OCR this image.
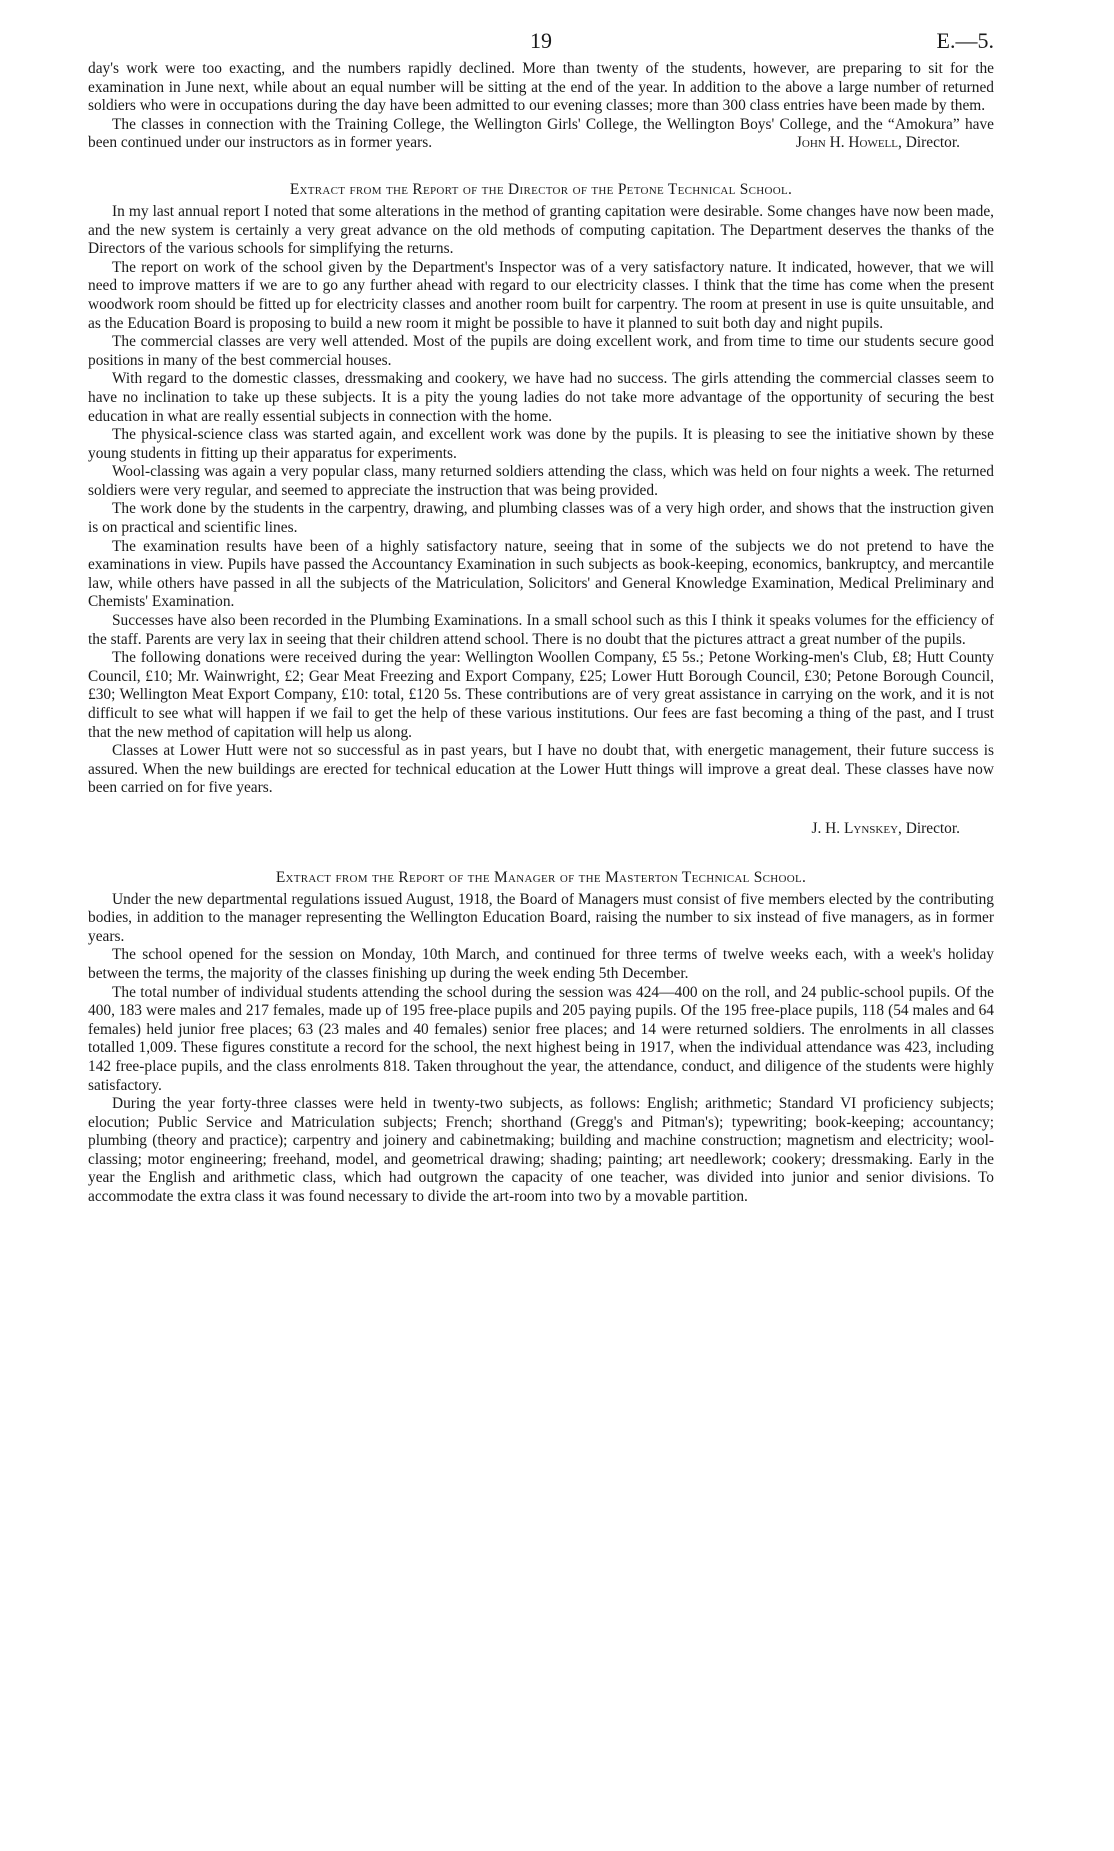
19	E.—5.

day's work were too exacting, and the numbers rapidly declined. More than twenty of the students, however, are preparing to sit for the examination in June next, while about an equal number will be sitting at the end of the year. In addition to the above a large number of returned soldiers who were in occupations during the day have been admitted to our evening classes; more than 300 class entries have been made by them.

The classes in connection with the Training College, the Wellington Girls' College, the Wellington Boys' College, and the “Amokura” have been continued under our instructors as in former years.	John H. Howell, Director.
Extract from the Report of the Director of the Petone Technical School.

In my last annual report I noted that some alterations in the method of granting capitation were desirable. Some changes have now been made, and the new system is certainly a very great advance on the old methods of computing capitation. The Department deserves the thanks of the Directors of the various schools for simplifying the returns.

The report on work of the school given by the Department's Inspector was of a very satisfactory nature. It indicated, however, that we will need to improve matters if we are to go any further ahead with regard to our electricity classes. I think that the time has come when the present woodwork room should be fitted up for electricity classes and another room built for carpentry. The room at present in use is quite unsuitable, and as the Education Board is proposing to build a new room it might be possible to have it planned to suit both day and night pupils.

The commercial classes are very well attended. Most of the pupils are doing excellent work, and from time to time our students secure good positions in many of the best commercial houses.

With regard to the domestic classes, dressmaking and cookery, we have had no success. The girls attending the commercial classes seem to have no inclination to take up these subjects. It is a pity the young ladies do not take more advantage of the opportunity of securing the best education in what are really essential subjects in connection with the home.

The physical-science class was started again, and excellent work was done by the pupils. It is pleasing to see the initiative shown by these young students in fitting up their apparatus for experiments.

Wool-classing was again a very popular class, many returned soldiers attending the class, which was held on four nights a week. The returned soldiers were very regular, and seemed to appreciate the instruction that was being provided.

The work done by the students in the carpentry, drawing, and plumbing classes was of a very high order, and shows that the instruction given is on practical and scientific lines.

The examination results have been of a highly satisfactory nature, seeing that in some of the subjects we do not pretend to have the examinations in view. Pupils have passed the Accountancy Examination in such subjects as book-keeping, economics, bankruptcy, and mercantile law, while others have passed in all the subjects of the Matriculation, Solicitors' and General Knowledge Examination, Medical Preliminary and Chemists' Examination.

Successes have also been recorded in the Plumbing Examinations. In a small school such as this I think it speaks volumes for the efficiency of the staff. Parents are very lax in seeing that their children attend school. There is no doubt that the pictures attract a great number of the pupils.

The following donations were received during the year: Wellington Woollen Company, £5 5s.; Petone Working-men's Club, £8; Hutt County Council, £10; Mr. Wainwright, £2; Gear Meat Freezing and Export Company, £25; Lower Hutt Borough Council, £30; Petone Borough Council, £30; Wellington Meat Export Company, £10: total, £120 5s. These contributions are of very great assistance in carrying on the work, and it is not difficult to see what will happen if we fail to get the help of these various institutions. Our fees are fast becoming a thing of the past, and I trust that the new method of capitation will help us along.

Classes at Lower Hutt were not so successful as in past years, but I have no doubt that, with energetic management, their future success is assured. When the new buildings are erected for technical education at the Lower Hutt things will improve a great deal. These classes have now been carried on for five years.

J. H. Lynskey, Director.
Extract from the Report of the Manager of the Masterton Technical School.

Under the new departmental regulations issued August, 1918, the Board of Managers must consist of five members elected by the contributing bodies, in addition to the manager representing the Wellington Education Board, raising the number to six instead of five managers, as in former years.

The school opened for the session on Monday, 10th March, and continued for three terms of twelve weeks each, with a week's holiday between the terms, the majority of the classes finishing up during the week ending 5th December.

The total number of individual students attending the school during the session was 424—400 on the roll, and 24 public-school pupils. Of the 400, 183 were males and 217 females, made up of 195 free-place pupils and 205 paying pupils. Of the 195 free-place pupils, 118 (54 males and 64 females) held junior free places; 63 (23 males and 40 females) senior free places; and 14 were returned soldiers. The enrolments in all classes totalled 1,009. These figures constitute a record for the school, the next highest being in 1917, when the individual attendance was 423, including 142 free-place pupils, and the class enrolments 818. Taken throughout the year, the attendance, conduct, and diligence of the students were highly satisfactory.

During the year forty-three classes were held in twenty-two subjects, as follows: English; arithmetic; Standard VI proficiency subjects; elocution; Public Service and Matriculation subjects; French; shorthand (Gregg's and Pitman's); typewriting; book-keeping; accountancy; plumbing (theory and practice); carpentry and joinery and cabinetmaking; building and machine construction; magnetism and electricity; wool-classing; motor engineering; freehand, model, and geometrical drawing; shading; painting; art needlework; cookery; dressmaking. Early in the year the English and arithmetic class, which had outgrown the capacity of one teacher, was divided into junior and senior divisions. To accommodate the extra class it was found necessary to divide the art-room into two by a movable partition.
